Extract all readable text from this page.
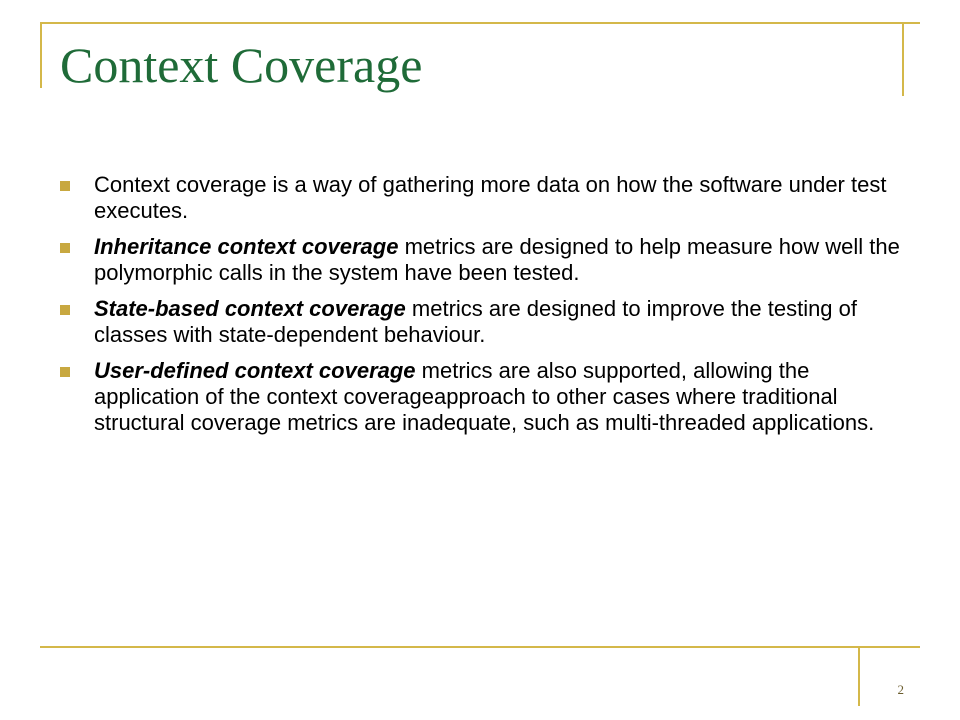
Context Coverage
Context coverage is a way of gathering more data on how the software under test executes.
Inheritance context coverage metrics are designed to help measure how well the polymorphic calls in the system have been tested.
State-based context coverage metrics are designed to improve the testing of classes with state-dependent behaviour.
User-defined context coverage metrics are also supported, allowing the application of the context coverageapproach to other cases where traditional structural coverage metrics are inadequate, such as multi-threaded applications.
2
